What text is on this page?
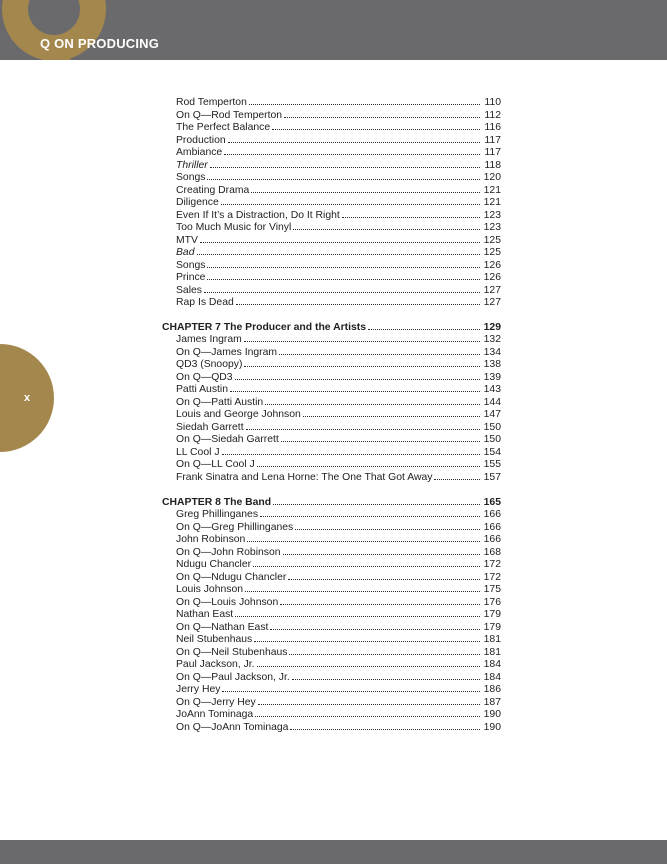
Q ON PRODUCING
x
Rod Temperton	110
On Q—Rod Temperton	112
The Perfect Balance	116
Production	117
Ambiance	117
Thriller	118
Songs	120
Creating Drama	121
Diligence	121
Even If It’s a Distraction, Do It Right	123
Too Much Music for Vinyl	123
MTV	125
Bad	125
Songs	126
Prince	126
Sales	127
Rap Is Dead	127
CHAPTER 7 The Producer and the Artists	129
James Ingram	132
On Q—James Ingram	134
QD3 (Snoopy)	138
On Q—QD3	139
Patti Austin	143
On Q—Patti Austin	144
Louis and George Johnson	147
Siedah Garrett	150
On Q—Siedah Garrett	150
LL Cool J	154
On Q—LL Cool J	155
Frank Sinatra and Lena Horne: The One That Got Away	157
CHAPTER 8 The Band	165
Greg Phillinganes	166
On Q—Greg Phillinganes	166
John Robinson	166
On Q—John Robinson	168
Ndugu Chancler	172
On Q—Ndugu Chancler	172
Louis Johnson	175
On Q—Louis Johnson	176
Nathan East	179
On Q—Nathan East	179
Neil Stubenhaus	181
On Q—Neil Stubenhaus	181
Paul Jackson, Jr.	184
On Q—Paul Jackson, Jr.	184
Jerry Hey	186
On Q—Jerry Hey	187
JoAnn Tominaga	190
On Q—JoAnn Tominaga	190
